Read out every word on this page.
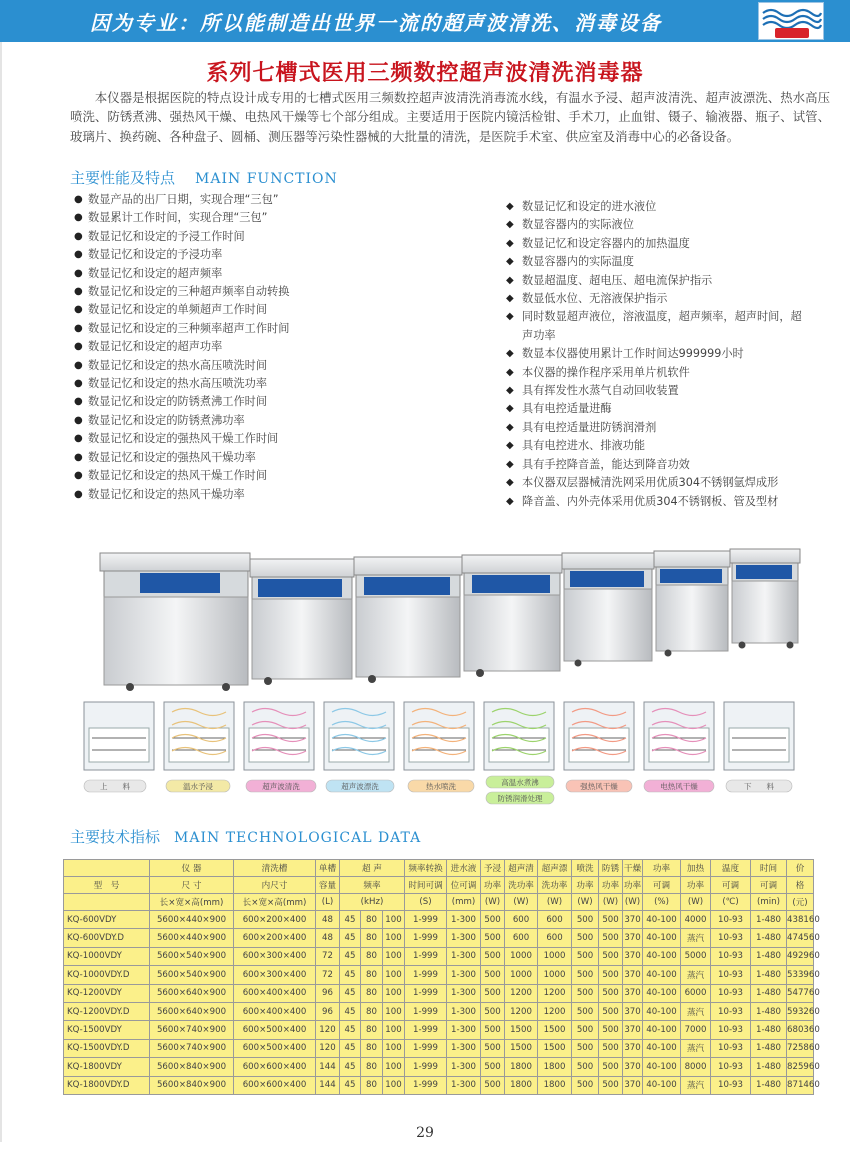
因为专业：所以能制造出世界一流的超声波清洗、消毒设备
系列七槽式医用三频数控超声波清洗消毒器

本仪器是根据医院的特点设计成专用的七槽式医用三频数控超声波清洗消毒流水线，有温水予浸、超声波清洗、超声波漂洗、热水高压喷洗、防锈煮沸、强热风干燥、电热风干燥等七个部分组成。主要适用于医院内镜活检钳、手术刀，止血钳、镊子、输液器、瓶子、试管、玻璃片、换药碗、各种盘子、圆桶、测压器等污染性器械的大批量的清洗，是医院手术室、供应室及消毒中心的必备设备。

主要性能及特点 MAIN FUNCTION
● 数显产品的出厂日期，实现合理“三包”
● 数显累计工作时间，实现合理“三包”
● 数显记忆和设定的予浸工作时间
● 数显记忆和设定的予浸功率
● 数显记忆和设定的超声频率
● 数显记忆和设定的三种超声频率自动转换
● 数显记忆和设定的单频超声工作时间
● 数显记忆和设定的三种频率超声工作时间
● 数显记忆和设定的超声功率
● 数显记忆和设定的热水高压喷洗时间
● 数显记忆和设定的热水高压喷洗功率
● 数显记忆和设定的防锈煮沸工作时间
● 数显记忆和设定的防锈煮沸功率
● 数显记忆和设定的强热风干燥工作时间
● 数显记忆和设定的强热风干燥功率
● 数显记忆和设定的热风干燥工作时间
● 数显记忆和设定的热风干燥功率
◆ 数显记忆和设定的进水液位
◆ 数显容器内的实际液位
◆ 数显记忆和设定容器内的加热温度
◆ 数显容器内的实际温度
◆ 数显超温度、超电压、超电流保护指示
◆ 数显低水位、无溶液保护指示
◆ 同时数显超声液位，溶液温度，超声频率，超声时间，超声功率
◆ 数显本仪器使用累计工作时间达999999小时
◆ 本仪器的操作程序采用单片机软件
◆ 具有挥发性水蒸气自动回收装置
◆ 具有电控适量进酶
◆ 具有电控适量进防锈润滑剂
◆ 具有电控进水、排液功能
◆ 具有手控降音盖，能达到降音功效
◆ 本仪器双层器械清洗网采用优质304不锈钢氩焊成形
◆ 降音盖、内外壳体采用优质304不锈钢板、管及型材
上　　料	温水予浸	超声波清洗	超声波漂洗	热水喷洗	高温水煮沸
防锈润滑处理
强热风干燥	电热风干燥	下　　料
主要技术指标 MAIN TECHNOLOGICAL DATA
	仪 器	清洗槽	单槽	超 声			频率转换	进水液	予浸	超声清	超声漂	喷洗	防锈	干燥	功率	加热	温度	时间	价
型　号	尺 寸	内尺寸	容量	频率			时间可调	位可调	功率	洗功率	洗功率	功率	功率	功率	可调	功率	可调	可调	格
	长×宽×高(mm)	长×宽×高(mm)	(L)	(kHz)			(S)	(mm)	(W)	(W)	(W)	(W)	(W)	(W)	(%)	(W)	(℃)	(min)	(元)
KQ-600VDY	5600×440×900	600×200×400	48	45	80	100	1-999	1-300	500	600	600	500	500	370	40-100	4000	10-93	1-480	438160
KQ-600VDY.D	5600×440×900	600×200×400	48	45	80	100	1-999	1-300	500	600	600	500	500	370	40-100	蒸汽	10-93	1-480	474560
KQ-1000VDY	5600×540×900	600×300×400	72	45	80	100	1-999	1-300	500	1000	1000	500	500	370	40-100	5000	10-93	1-480	492960
KQ-1000VDY.D	5600×540×900	600×300×400	72	45	80	100	1-999	1-300	500	1000	1000	500	500	370	40-100	蒸汽	10-93	1-480	533960
KQ-1200VDY	5600×640×900	600×400×400	96	45	80	100	1-999	1-300	500	1200	1200	500	500	370	40-100	6000	10-93	1-480	547760
KQ-1200VDY.D	5600×640×900	600×400×400	96	45	80	100	1-999	1-300	500	1200	1200	500	500	370	40-100	蒸汽	10-93	1-480	593260
KQ-1500VDY	5600×740×900	600×500×400	120	45	80	100	1-999	1-300	500	1500	1500	500	500	370	40-100	7000	10-93	1-480	680360
KQ-1500VDY.D	5600×740×900	600×500×400	120	45	80	100	1-999	1-300	500	1500	1500	500	500	370	40-100	蒸汽	10-93	1-480	725860
KQ-1800VDY	5600×840×900	600×600×400	144	45	80	100	1-999	1-300	500	1800	1800	500	500	370	40-100	8000	10-93	1-480	825960
KQ-1800VDY.D	5600×840×900	600×600×400	144	45	80	100	1-999	1-300	500	1800	1800	500	500	370	40-100	蒸汽	10-93	1-480	871460
29
